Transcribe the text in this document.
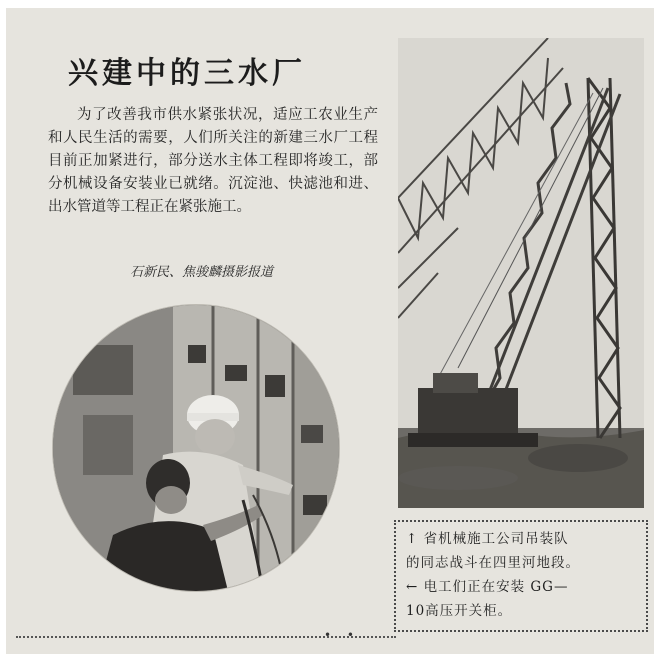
兴建中的三水厂

为了改善我市供水紧张状况，适应工农业生产和人民生活的需要，人们所关注的新建三水厂工程目前正加紧进行，部分送水主体工程即将竣工，部分机械设备安装业已就绪。沉淀池、快滤池和进、出水管道等工程正在紧张施工。

石新民、焦骏麟摄影报道

↑ 省机械施工公司吊装队

的同志战斗在四里河地段。

← 电工们正在安装 GG—

10高压开关柜。

• •
